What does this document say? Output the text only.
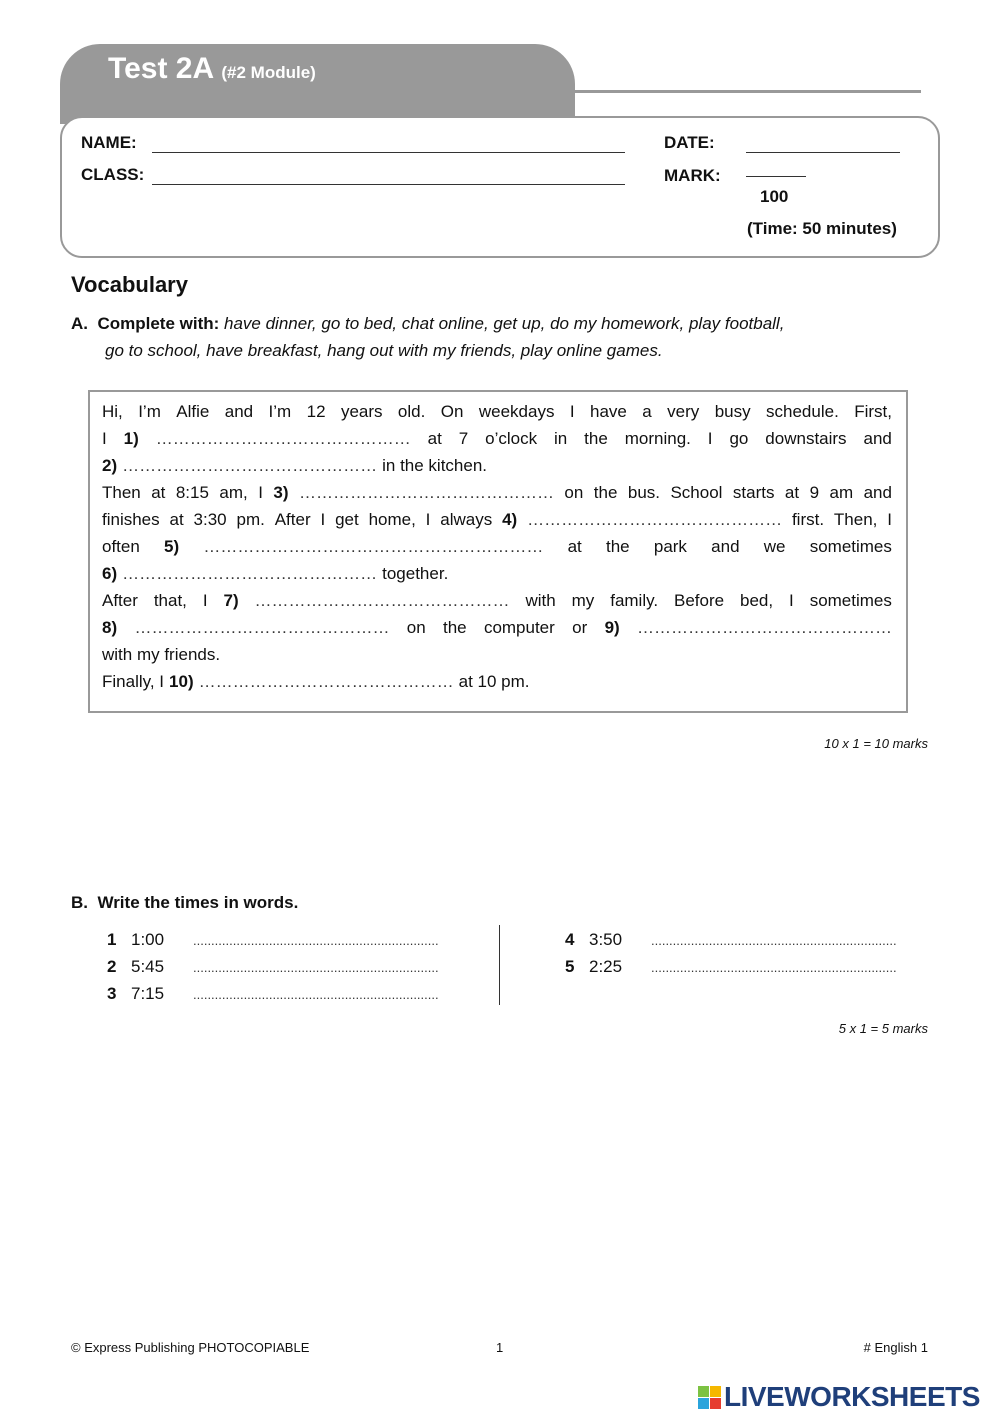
Test 2A (#2 Module)
NAME:
CLASS:
DATE:
MARK:
100
(Time: 50 minutes)
Vocabulary
A. Complete with: have dinner, go to bed, chat online, get up, do my homework, play football,
go to school, have breakfast, hang out with my friends, play online games.
Hi, I’m Alfie and I’m 12 years old. On weekdays I have a very busy schedule. First,
I 1) ……………………………………… at 7 o’clock in the morning. I go downstairs and
2) ……………………………………… in the kitchen.
Then at 8:15 am, I 3) ……………………………………… on the bus. School starts at 9 am and
finishes at 3:30 pm. After I get home, I always 4) ……………………………………… first. Then, I
often 5) …………………………………………………… at the park and we sometimes
6) ……………………………………… together.
After that, I 7) ……………………………………… with my family. Before bed, I sometimes
8) ……………………………………… on the computer or 9) ………………………………………
with my friends.
Finally, I 10) ……………………………………… at 10 pm.
10 x 1 = 10 marks
B. Write the times in words.
1 1:00	....................................................................
2 5:45	....................................................................
3 7:15	....................................................................
4 3:50	....................................................................
5 2:25	....................................................................
5 x 1 = 5 marks
© Express Publishing PHOTOCOPIABLE	1	# English 1
LIVEWORKSHEETS
